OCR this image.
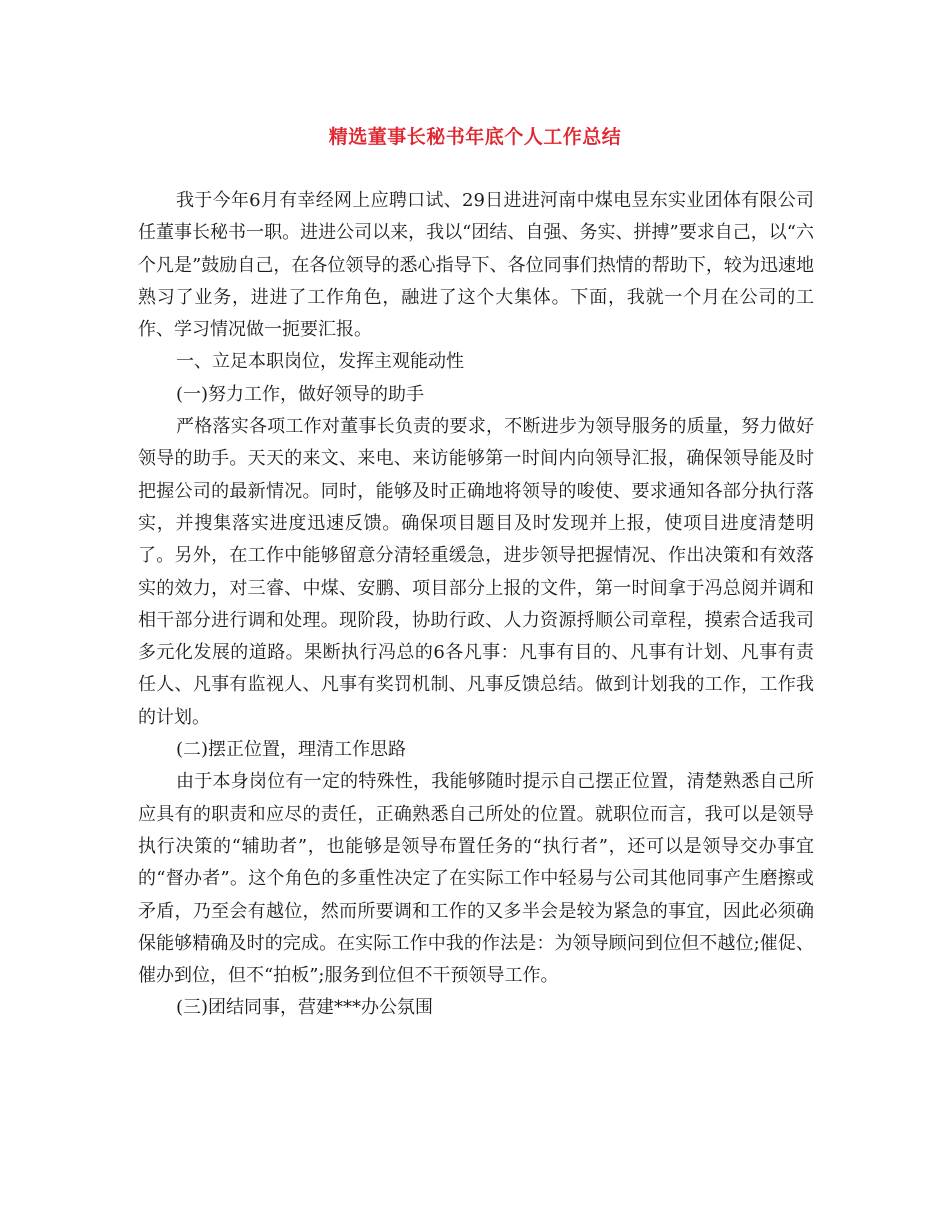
精选董事长秘书年底个人工作总结

我于今年6月有幸经网上应聘口试、29日进进河南中煤电昱东实业团体有限公司任董事长秘书一职。进进公司以来，我以“团结、自强、务实、拼搏”要求自己，以“六个凡是”鼓励自己，在各位领导的悉心指导下、各位同事们热情的帮助下，较为迅速地熟习了业务，进进了工作角色，融进了这个大集体。下面，我就一个月在公司的工作、学习情况做一扼要汇报。

一、立足本职岗位，发挥主观能动性

(一)努力工作，做好领导的助手

严格落实各项工作对董事长负责的要求，不断进步为领导服务的质量，努力做好领导的助手。天天的来文、来电、来访能够第一时间内向领导汇报，确保领导能及时把握公司的最新情况。同时，能够及时正确地将领导的唆使、要求通知各部分执行落实，并搜集落实进度迅速反馈。确保项目题目及时发现并上报，使项目进度清楚明了。另外，在工作中能够留意分清轻重缓急，进步领导把握情况、作出决策和有效落实的效力，对三睿、中煤、安鹏、项目部分上报的文件，第一时间拿于冯总阅并调和相干部分进行调和处理。现阶段，协助行政、人力资源捋顺公司章程，摸索合适我司多元化发展的道路。果断执行冯总的6各凡事：凡事有目的、凡事有计划、凡事有责任人、凡事有监视人、凡事有奖罚机制、凡事反馈总结。做到计划我的工作，工作我的计划。

(二)摆正位置，理清工作思路

由于本身岗位有一定的特殊性，我能够随时提示自己摆正位置，清楚熟悉自己所应具有的职责和应尽的责任，正确熟悉自己所处的位置。就职位而言，我可以是领导执行决策的“辅助者”，也能够是领导布置任务的“执行者”，还可以是领导交办事宜的“督办者”。这个角色的多重性决定了在实际工作中轻易与公司其他同事产生磨擦或矛盾，乃至会有越位，然而所要调和工作的又多半会是较为紧急的事宜，因此必须确保能够精确及时的完成。在实际工作中我的作法是：为领导顾问到位但不越位;催促、催办到位，但不“拍板”;服务到位但不干预领导工作。

(三)团结同事，营建***办公氛围
